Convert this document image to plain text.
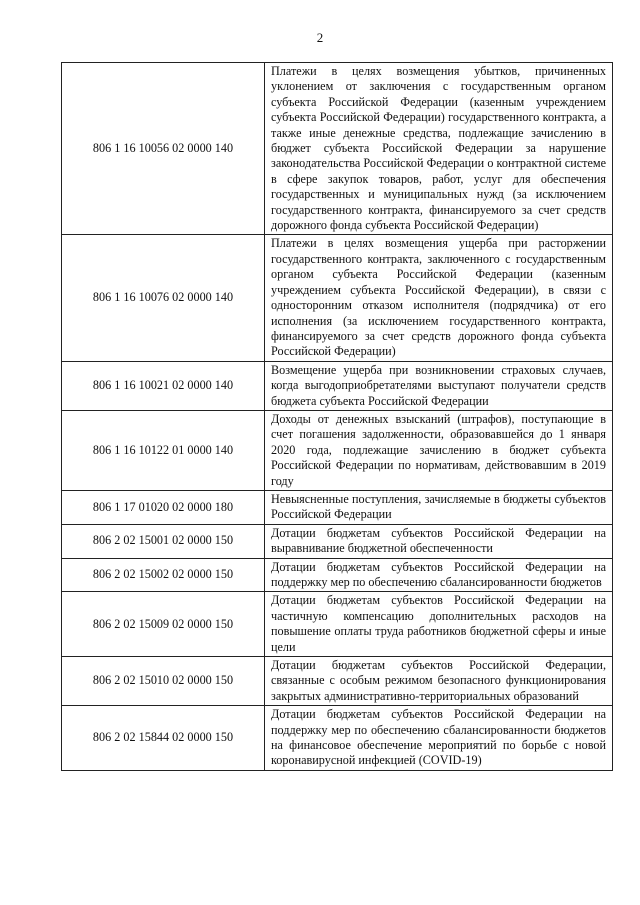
2
806 1 16 10056 02 0000 140	Платежи в целях возмещения убытков, причиненных уклонением от заключения с государственным органом субъекта Российской Федерации (казенным учреждением субъекта Российской Федерации) государственного контракта, а также иные денежные средства, подлежащие зачислению в бюджет субъекта Российской Федерации за нарушение законодательства Российской Федерации о контрактной системе в сфере закупок товаров, работ, услуг для обеспечения государственных и муниципальных нужд (за исключением государственного контракта, финансируемого за счет средств дорожного фонда субъекта Российской Федерации)
806 1 16 10076 02 0000 140	Платежи в целях возмещения ущерба при расторжении государственного контракта, заключенного с государственным органом субъекта Российской Федерации (казенным учреждением субъекта Российской Федерации), в связи с односторонним отказом исполнителя (подрядчика) от его исполнения (за исключением государственного контракта, финансируемого за счет средств дорожного фонда субъекта Российской Федерации)
806 1 16 10021 02 0000 140	Возмещение ущерба при возникновении страховых случаев, когда выгодоприобретателями выступают получатели средств бюджета субъекта Российской Федерации
806 1 16 10122 01 0000 140	Доходы от денежных взысканий (штрафов), поступающие в счет погашения задолженности, образовавшейся до 1 января 2020 года, подлежащие зачислению в бюджет субъекта Российской Федерации по нормативам, действовавшим в 2019 году
806 1 17 01020 02 0000 180	Невыясненные поступления, зачисляемые в бюджеты субъектов Российской Федерации
806 2 02 15001 02 0000 150	Дотации бюджетам субъектов Российской Федерации на выравнивание бюджетной обеспеченности
806 2 02 15002 02 0000 150	Дотации бюджетам субъектов Российской Федерации на поддержку мер по обеспечению сбалансированности бюджетов
806 2 02 15009 02 0000 150	Дотации бюджетам субъектов Российской Федерации на частичную компенсацию дополнительных расходов на повышение оплаты труда работников бюджетной сферы и иные цели
806 2 02 15010 02 0000 150	Дотации бюджетам субъектов Российской Федерации, связанные с особым режимом безопасного функционирования закрытых административно-территориальных образований
806 2 02 15844 02 0000 150	Дотации бюджетам субъектов Российской Федерации на поддержку мер по обеспечению сбалансированности бюджетов на финансовое обеспечение мероприятий по борьбе с новой коронавирусной инфекцией (COVID-19)
